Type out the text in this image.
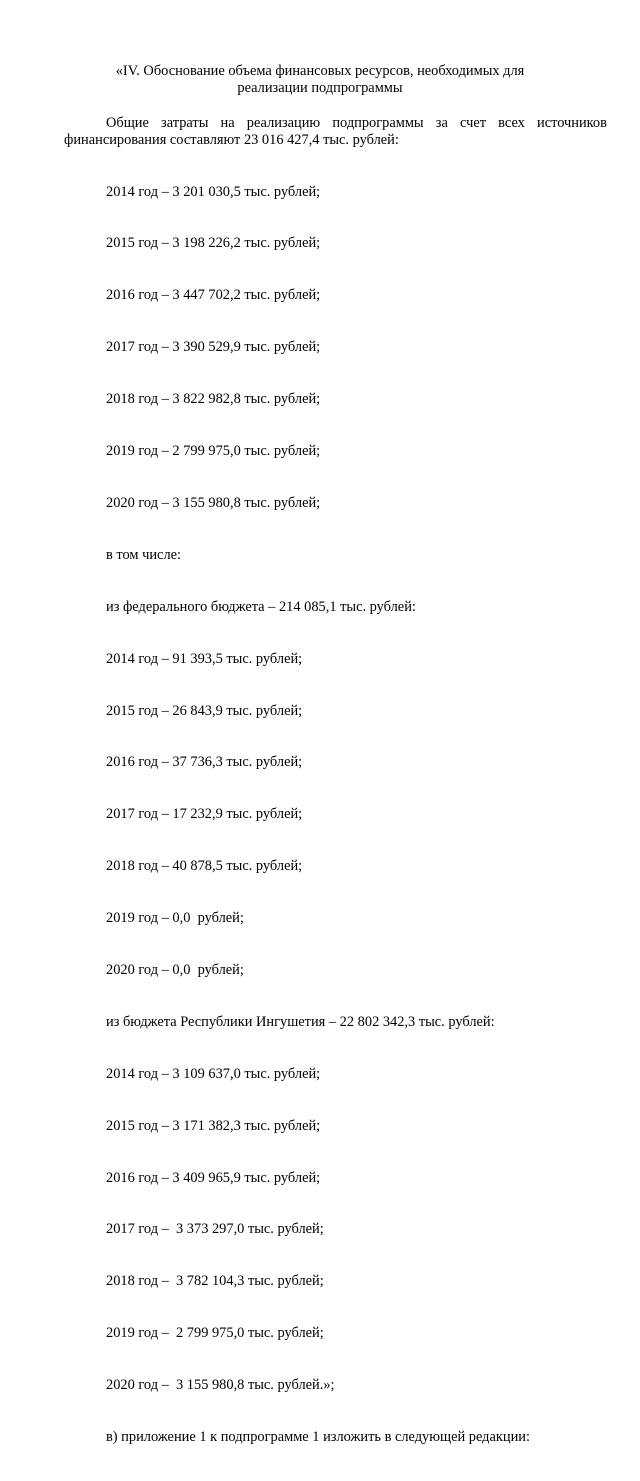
«IV. Обоснование объема финансовых ресурсов, необходимых для
реализации подпрограммы
Общие затраты на реализацию подпрограммы за счет всех источников
финансирования составляют 23 016 427,4 тыс. рублей:

2014 год – 3 201 030,5 тыс. рублей;

2015 год – 3 198 226,2 тыс. рублей;

2016 год – 3 447 702,2 тыс. рублей;

2017 год – 3 390 529,9 тыс. рублей;

2018 год – 3 822 982,8 тыс. рублей;

2019 год – 2 799 975,0 тыс. рублей;

2020 год – 3 155 980,8 тыс. рублей;

в том числе:

из федерального бюджета – 214 085,1 тыс. рублей:

2014 год – 91 393,5 тыс. рублей;

2015 год – 26 843,9 тыс. рублей;

2016 год – 37 736,3 тыс. рублей;

2017 год – 17 232,9 тыс. рублей;

2018 год – 40 878,5 тыс. рублей;

2019 год – 0,0  рублей;

2020 год – 0,0  рублей;

из бюджета Республики Ингушетия – 22 802 342,3 тыс. рублей:

2014 год – 3 109 637,0 тыс. рублей;

2015 год – 3 171 382,3 тыс. рублей;

2016 год – 3 409 965,9 тыс. рублей;

2017 год –  3 373 297,0 тыс. рублей;

2018 год –  3 782 104,3 тыс. рублей;

2019 год –  2 799 975,0 тыс. рублей;

2020 год –  3 155 980,8 тыс. рублей.»;

в) приложение 1 к подпрограмме 1 изложить в следующей редакции:
